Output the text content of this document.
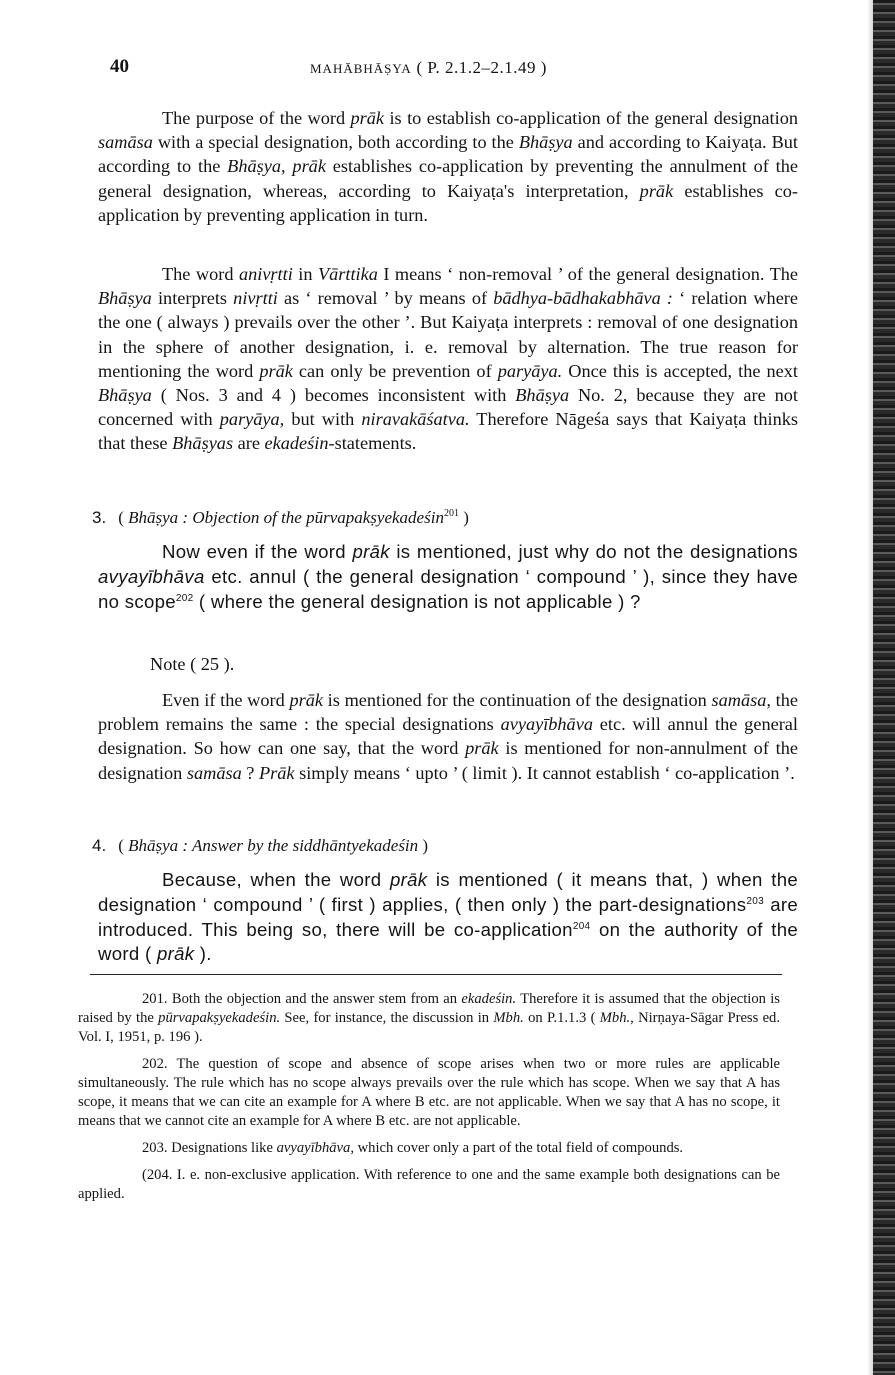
40	MAHĀBHĀṢYA ( P. 2.1.2–2.1.49 )

The purpose of the word prāk is to establish co-application of the general designation samāsa with a special designation, both according to the Bhāṣya and according to Kaiyaṭa. But according to the Bhāṣya, prāk establishes co-application by preventing the annulment of the general designation, whereas, according to Kaiyaṭa's interpretation, prāk establishes co-application by preventing application in turn.

The word anivṛtti in Vārttika I means ‘ non-removal ’ of the general designation. The Bhāṣya interprets nivṛtti as ‘ removal ’ by means of bādhya-bādhakabhāva : ‘ relation where the one ( always ) prevails over the other ’. But Kaiyaṭa interprets : removal of one designation in the sphere of another designation, i. e. removal by alternation. The true reason for mentioning the word prāk can only be prevention of paryāya. Once this is accepted, the next Bhāṣya ( Nos. 3 and 4 ) becomes inconsistent with Bhāṣya No. 2, because they are not concerned with paryāya, but with niravakāśatva. Therefore Nāgeśa says that Kaiyaṭa thinks that these Bhāṣyas are ekadeśin-statements.

3. ( Bhāṣya : Objection of the pūrvapakṣyekadeśin$^{201}$ )

Now even if the word prāk is mentioned, just why do not the designations avyayībhāva etc. annul ( the general designation ‘ compound ’ ), since they have no scope$^{202}$ ( where the general designation is not applicable ) ?

Note ( 25 ).

Even if the word prāk is mentioned for the continuation of the designation samāsa, the problem remains the same : the special designations avyayībhāva etc. will annul the general designation. So how can one say, that the word prāk is mentioned for non-annulment of the designation samāsa ? Prāk simply means ‘ upto ’ ( limit ). It cannot establish ‘ co-application ’.

4. ( Bhāṣya : Answer by the siddhāntyekadeśin )

Because, when the word prāk is mentioned ( it means that, ) when the designation ‘ compound ’ ( first ) applies, ( then only ) the part-designations$^{203}$ are introduced. This being so, there will be co-application$^{204}$ on the authority of the word ( prāk ).

201. Both the objection and the answer stem from an ekadeśin. Therefore it is assumed that the objection is raised by the pūrvapakṣyekadeśin. See, for instance, the discussion in Mbh. on P.1.1.3 ( Mbh., Nirṇaya-Sāgar Press ed. Vol. I, 1951, p. 196 ).

202. The question of scope and absence of scope arises when two or more rules are applicable simultaneously. The rule which has no scope always prevails over the rule which has scope. When we say that A has scope, it means that we can cite an example for A where B etc. are not applicable. When we say that A has no scope, it means that we cannot cite an example for A where B etc. are not applicable.

203. Designations like avyayībhāva, which cover only a part of the total field of compounds.

(204. I. e. non-exclusive application. With reference to one and the same example both designations can be applied.
